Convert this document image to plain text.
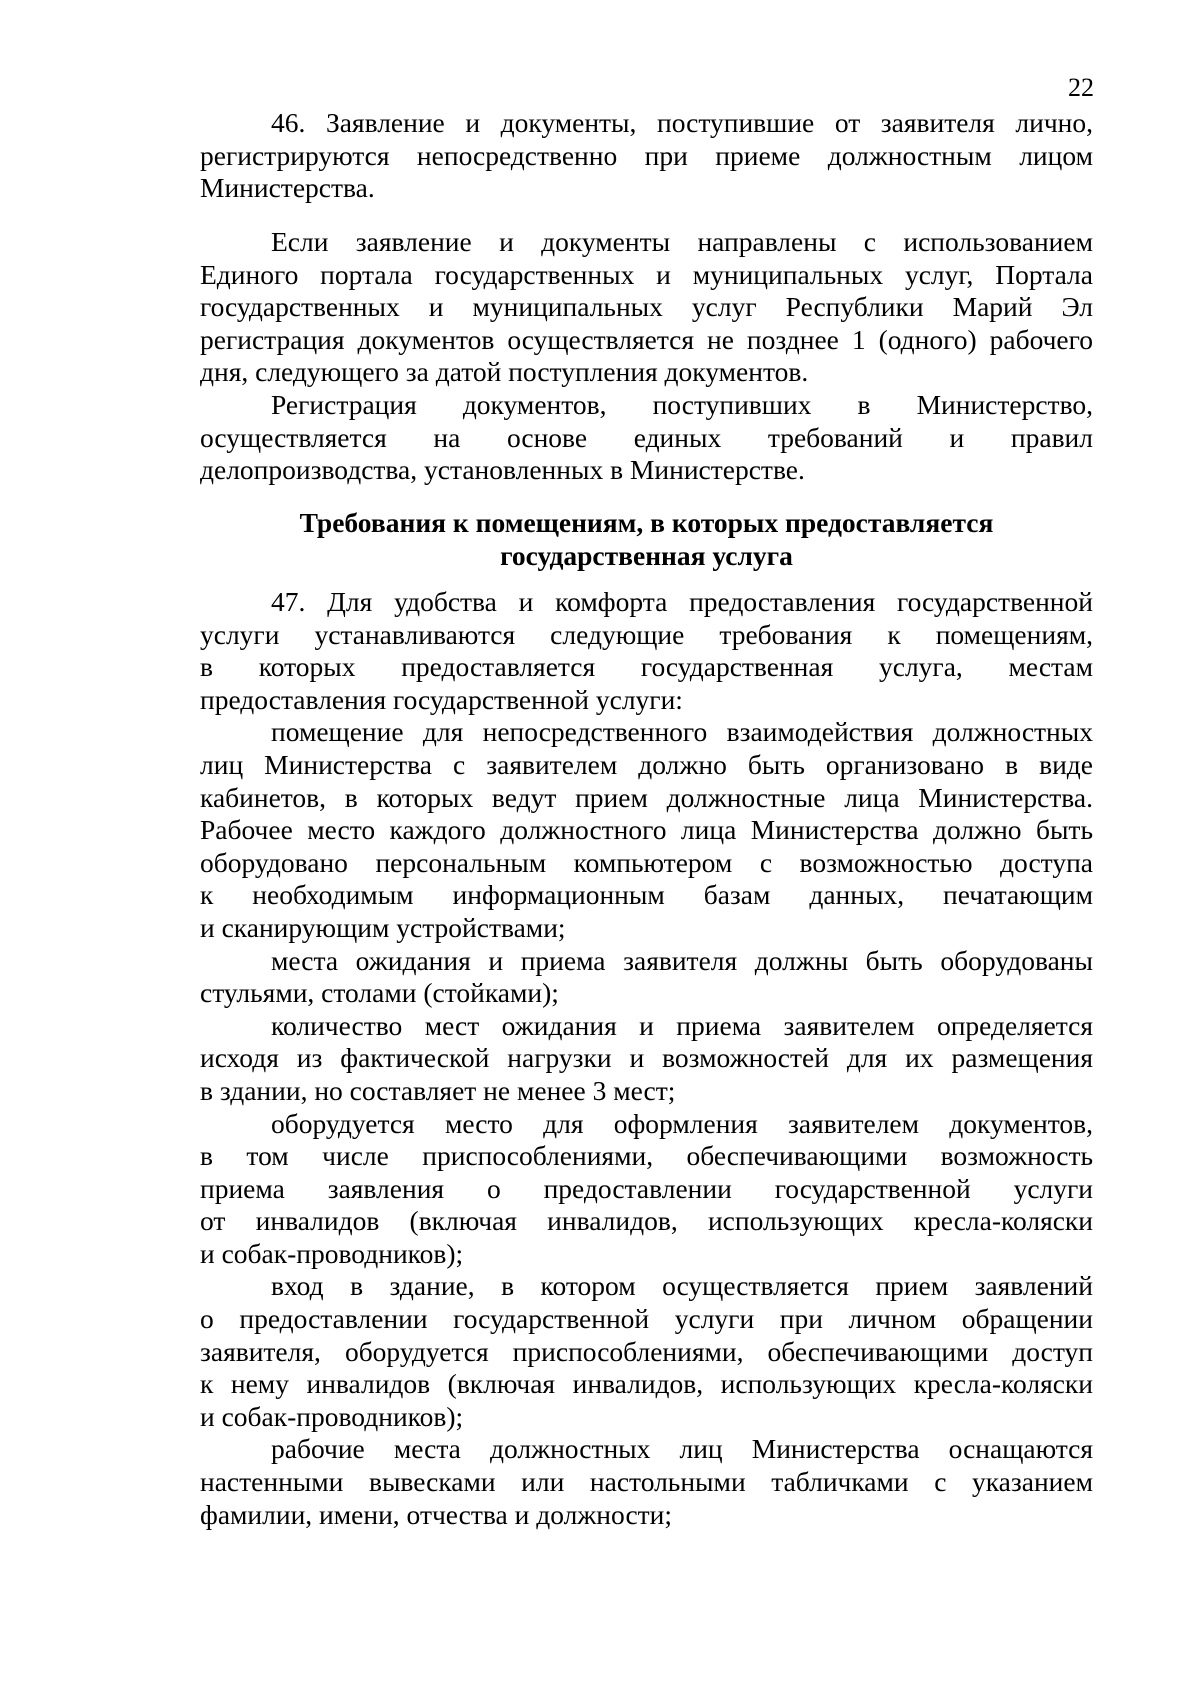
22
46. Заявление и документы, поступившие от заявителя лично,
регистрируются непосредственно при приеме должностным лицом
Министерства.
Если заявление и документы направлены с использованием
Единого портала государственных и муниципальных услуг, Портала
государственных и муниципальных услуг Республики Марий Эл
регистрация документов осуществляется не позднее 1 (одного) рабочего
дня, следующего за датой поступления документов.
Регистрация документов, поступивших в Министерство,
осуществляется на основе единых требований и правил
делопроизводства, установленных в Министерстве.
Требования к помещениям, в которых предоставляется
государственная услуга
47. Для удобства и комфорта предоставления государственной
услуги устанавливаются следующие требования к помещениям,
в которых предоставляется государственная услуга, местам
предоставления государственной услуги:
помещение для непосредственного взаимодействия должностных
лиц Министерства с заявителем должно быть организовано в виде
кабинетов, в которых ведут прием должностные лица Министерства.
Рабочее место каждого должностного лица Министерства должно быть
оборудовано персональным компьютером с возможностью доступа
к необходимым информационным базам данных, печатающим
и сканирующим устройствами;
места ожидания и приема заявителя должны быть оборудованы
стульями, столами (стойками);
количество мест ожидания и приема заявителем определяется
исходя из фактической нагрузки и возможностей для их размещения
в здании, но составляет не менее 3 мест;
оборудуется место для оформления заявителем документов,
в том числе приспособлениями, обеспечивающими возможность
приема заявления о предоставлении государственной услуги
от инвалидов (включая инвалидов, использующих кресла-коляски
и собак-проводников);
вход в здание, в котором осуществляется прием заявлений
о предоставлении государственной услуги при личном обращении
заявителя, оборудуется приспособлениями, обеспечивающими доступ
к нему инвалидов (включая инвалидов, использующих кресла-коляски
и собак-проводников);
рабочие места должностных лиц Министерства оснащаются
настенными вывесками или настольными табличками с указанием
фамилии, имени, отчества и должности;
